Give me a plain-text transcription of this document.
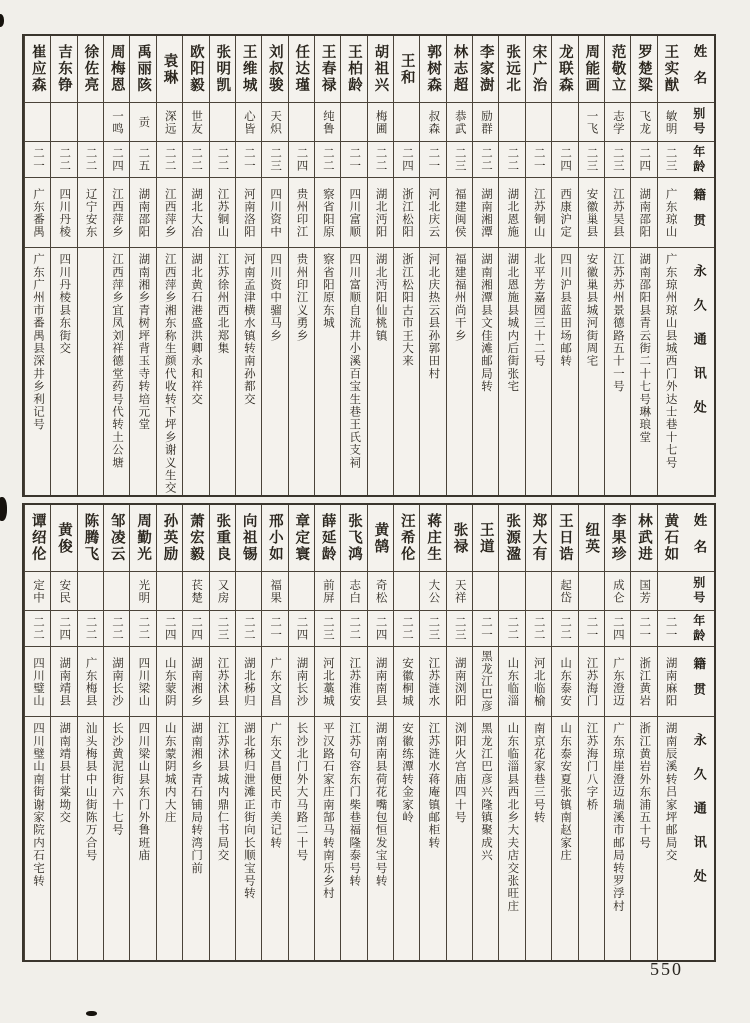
姓名
别号
年龄
籍贯
永久通讯处
王实猷
敏明
二三
广东琼山
广东琼州琼山县城西门外达士巷十七号
罗楚粱
飞龙
二四
湖南邵阳
湖南邵阳县青云街二十七号琳琅堂
范敬立
志学
二三
江苏吴县
江苏苏州景德路五十一号
周能画
一飞
二三
安徽巢县
安徽巢县城河街周宅
龙联森
二四
西康沪定
四川沪县蓝田场邮转
宋广治
二一
江苏铜山
北平芳嘉园三十二号
张远北
二二
湖北恩施
湖北恩施县城内后街张宅
李家澍
励群
二二
湖南湘潭
湖南湘潭县文佳滩邮局转
林志超
恭武
二三
福建闽侯
福建福州尚干乡
郭树森
叔森
二一
河北庆云
河北庆热云县孙郭田村
王和
二四
浙江松阳
浙江松阳古市王大来
胡祖兴
梅圃
二二
湖北沔阳
湖北沔阳仙桃镇
王柏龄
二一
四川富顺
四川富顺自流井小溪百宝生巷王氏支祠
王春禄
纯鲁
二二
察省阳原
察省阳原东城
任达瑾
二四
贵州印江
贵州印江义勇乡
刘叔骏
天炽
二三
四川资中
四川资中骝马乡
王维城
心皆
二一
河南洛阳
河南孟津横水镇转南孙都交
张明凯
二二
江苏铜山
江苏徐州西北郑集
欧阳毅
世友
二二
湖北大冶
湖北黄石港盛洪卿永和祥交
袁琳
深远
二二
江西萍乡
江西萍乡湘东称生颜代收转下坪乡谢义生交
禹丽陔
贡
二五
湖南邵阳
湖南湘乡青树坪背玉寺转培元堂
周梅恩
一鸣
二四
江西萍乡
江西萍乡宜凤刘祥德堂药号代转土公塘
徐佐亮
二二
辽宁安东
吉东铮
二二
四川丹棱
四川丹棱县东街交
崔应森
二一
广东番禺
广东广州市番禺县深井乡利记号
姓名
别号
年龄
籍贯
永久通讯处
黄石如
二一
湖南麻阳
湖南辰溪转吕家坪邮局交
林武进
国芳
二一
浙江黄岩
浙江黄岩外东浦五十号
李果珍
成仑
二四
广东澄迈
广东琼崖澄迈瑞溪市邮局转罗浮村
纽英
二一
江苏海门
江苏海门八字桥
王日诰
起岱
二二
山东泰安
山东泰安夏张镇南赵家庄
郑大有
二二
河北临榆
南京花家巷三号转
张源溋
二二
山东临淄
山东临淄县西北乡大夫店交张旺庄
王道
二一
黑龙江巴彦
黑龙江巴彦兴隆镇聚成兴
张禄
天祥
二三
湖南浏阳
浏阳火宫庙四十号
蒋庄生
大公
二三
江苏涟水
江苏涟水蒋庵镇邮柜转
汪希伦
二二
安徽桐城
安徽练潭转金家岭
黄鹄
奇松
二四
湖南南县
湖南南县荷花嘴包恒发宝号转
张飞鸿
志白
二二
江苏淮安
江苏句容东门柴巷福隆泰号转
薛延龄
前屏
二三
河北藁城
平汉路石家庄南郜马转南乐乡村
章定寰
二四
湖南长沙
长沙北门外大马路二十号
邢小如
福果
二一
广东文昌
广东文昌便民市美记转
向祖锡
二二
湖北秭归
湖北秭归泄滩正街向长顺宝号转
张重良
又房
二三
江苏沭县
江苏沭县城内鼎仁书局交
萧宏毅
苌楚
二四
湖南湘乡
湖南湘乡青石铺局转湾门前
孙英励
二四
山东蒙阴
山东蒙阴城内大庄
周勤光
光明
二二
四川梁山
四川梁山县东门外鲁班庙
邹凌云
二二
湖南长沙
长沙黄泥街六十七号
陈腾飞
二二
广东梅县
汕头梅县中山街陈万合号
黄俊
安民
二四
湖南靖县
湖南靖县甘棠坳交
谭绍伦
定中
二二
四川璧山
四川璧山南街谢家院内石宅转
550
